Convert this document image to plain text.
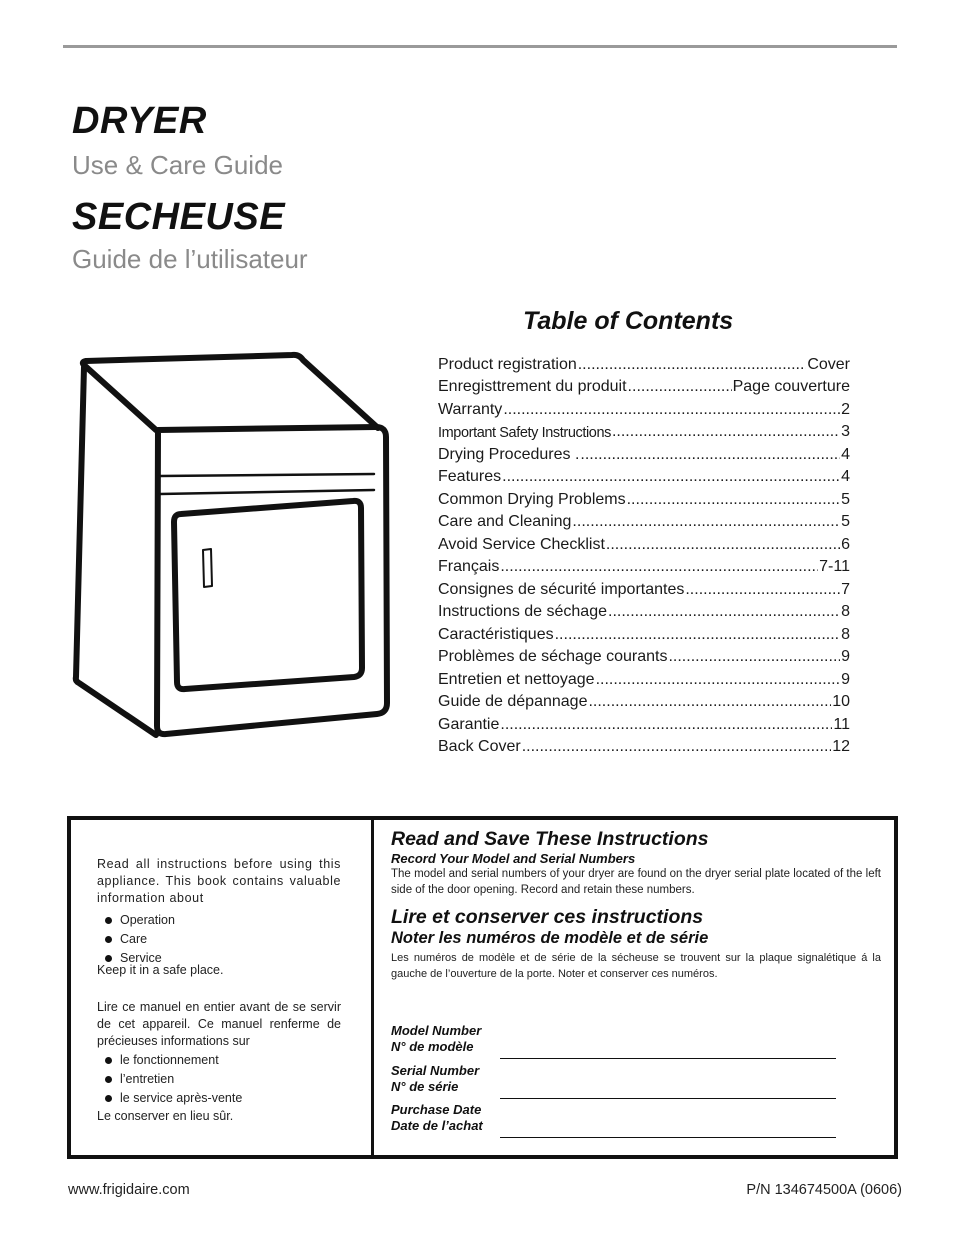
DRYER
Use & Care Guide
SECHEUSE
Guide de l’utilisateur
Table of Contents
Product registration .....	Cover
Enregisttrement du produit .....	Page couverture
Warranty .....	2
Important Safety Instructions .....	3
Drying Procedures . .....	4
Features .....	4
Common Drying Problems .....	5
Care and Cleaning .....	5
Avoid Service Checklist .....	6
Français .....	7-11
Consignes de sécurité importantes .....	7
Instructions de séchage .....	8
Caractéristiques .....	8
Problèmes de séchage courants .....	9
Entretien et nettoyage .....	9
Guide de dépannage .....	10
Garantie .....	11
Back Cover .....	12
Read all instructions before using this appliance. This book contains valuable information about
Operation
Care
Service
Keep it in a safe place.
Lire ce manuel en entier avant de se servir de cet appareil. Ce manuel renferme de précieuses informations sur
le fonctionnement
l’entretien
le service après-vente
Le conserver en lieu sûr.
Read and Save These Instructions
Record Your Model and Serial Numbers
The model and serial numbers of your dryer are found on the dryer serial plate located of the left side of the door opening. Record and retain these numbers.
Lire et conserver ces instructions
Noter les numéros de modèle et de série
Les numéros de modèle et de série de la sécheuse se trouvent sur la plaque signalétique á la gauche de l’ouverture de la porte. Noter et conserver ces numéros.
Model Number
N° de modèle
Serial Number
N° de série
Purchase Date
Date de l’achat
www.frigidaire.com	P/N 134674500A (0606)
